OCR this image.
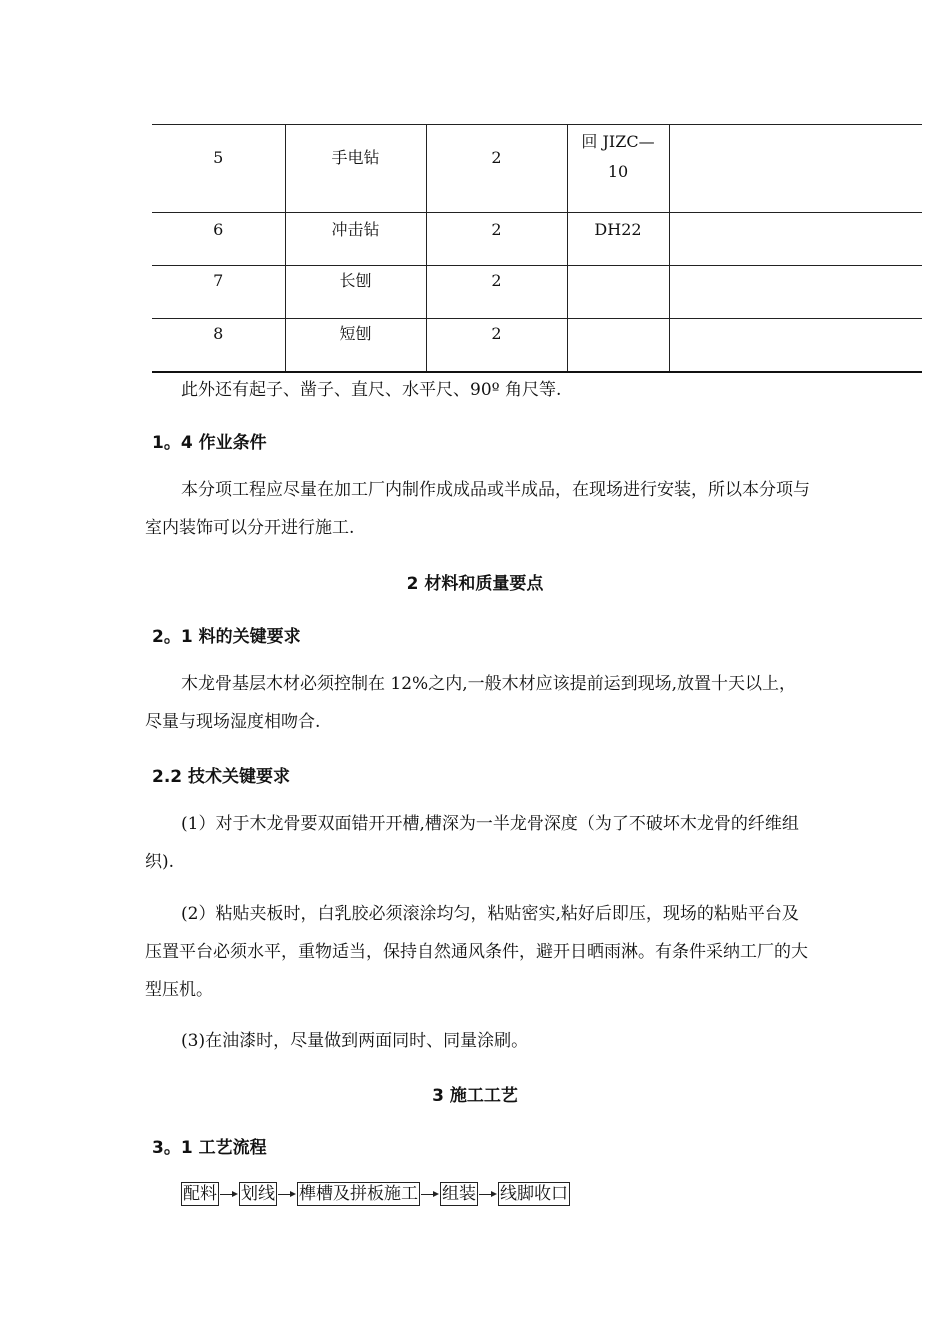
5	手电钻	2	回 JIZC—
10	

6	冲击钻	2	DH22	

7	长刨	2		

8	短刨	2		

此外还有起子、凿子、直尺、水平尺、90º 角尺等.
1。4 作业条件
本分项工程应尽量在加工厂内制作成成品或半成品，在现场进行安装，所以本分项与室内装饰可以分开进行施工.
2 材料和质量要点
2。1 料的关键要求
木龙骨基层木材必须控制在 12%之内,一般木材应该提前运到现场,放置十天以上，尽量与现场湿度相吻合.
2.2 技术关键要求
(1）对于木龙骨要双面错开开槽,槽深为一半龙骨深度（为了不破坏木龙骨的纤维组织).
(2）粘贴夹板时，白乳胶必须滚涂均匀，粘贴密实,粘好后即压，现场的粘贴平台及压置平台必须水平，重物适当，保持自然通风条件，避开日晒雨淋。有条件采纳工厂的大型压机。
(3)在油漆时，尽量做到两面同时、同量涂刷。
3 施工工艺
3。1 工艺流程
配料 划线 榫槽及拼板施工 组装 线脚收口
